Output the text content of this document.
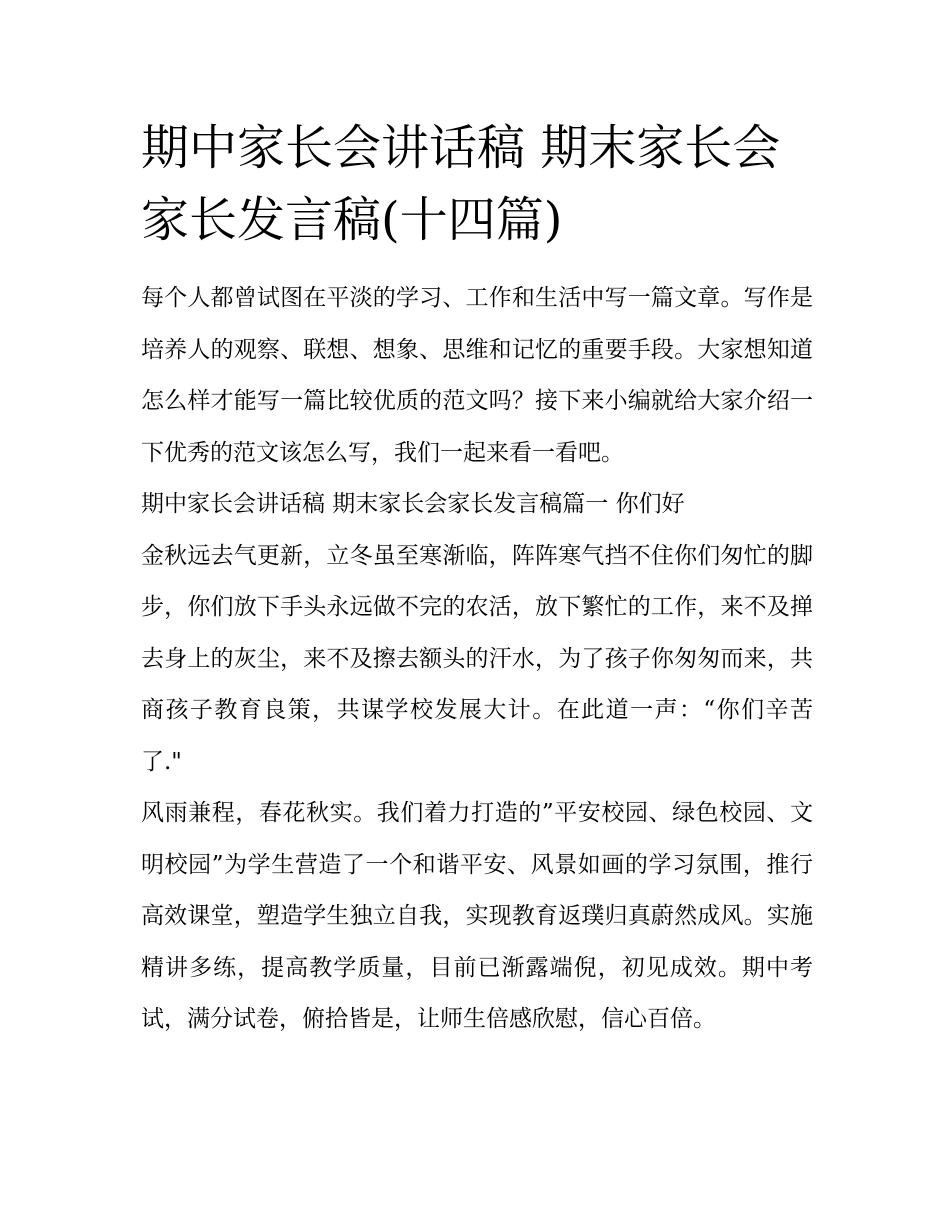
期中家长会讲话稿 期末家长会家长发言稿(十四篇)

每个人都曾试图在平淡的学习、工作和生活中写一篇文章。写作是培养人的观察、联想、想象、思维和记忆的重要手段。大家想知道怎么样才能写一篇比较优质的范文吗？接下来小编就给大家介绍一下优秀的范文该怎么写，我们一起来看一看吧。

期中家长会讲话稿 期末家长会家长发言稿篇一 你们好

金秋远去气更新，立冬虽至寒渐临，阵阵寒气挡不住你们匆忙的脚步，你们放下手头永远做不完的农活，放下繁忙的工作，来不及掸去身上的灰尘，来不及擦去额头的汗水，为了孩子你匆匆而来，共商孩子教育良策，共谋学校发展大计。在此道一声：“你们辛苦了."

风雨兼程，春花秋实。我们着力打造的”平安校园、绿色校园、文明校园”为学生营造了一个和谐平安、风景如画的学习氛围，推行高效课堂，塑造学生独立自我，实现教育返璞归真蔚然成风。实施精讲多练，提高教学质量，目前已渐露端倪，初见成效。期中考试，满分试卷，俯拾皆是，让师生倍感欣慰，信心百倍。
